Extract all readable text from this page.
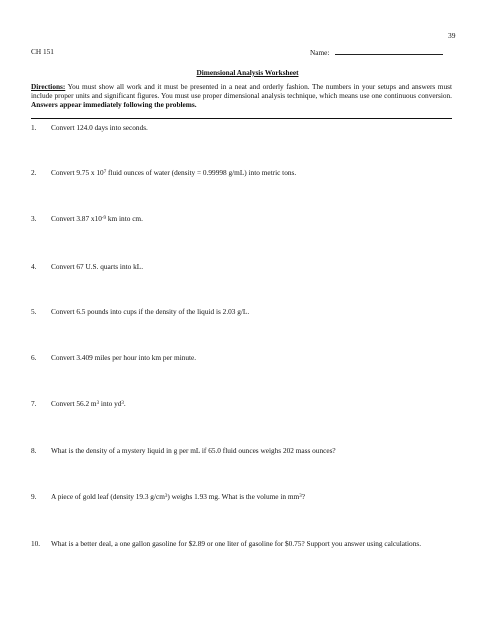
39
CH 151	Name:
Dimensional Analysis Worksheet
Directions: You must show all work and it must be presented in a neat and orderly fashion. The numbers in your setups and answers must include proper units and significant figures. You must use proper dimensional analysis technique, which means use one continuous conversion. Answers appear immediately following the problems.
1. Convert 124.0 days into seconds.
2. Convert 9.75 x $10^7$ fluid ounces of water (density = 0.99998 g/mL) into metric tons.
3. Convert 3.87 $x10^{-9}$ km into cm.
4. Convert 67 U.S. quarts into kL.
5. Convert 6.5 pounds into cups if the density of the liquid is 2.03 g/L.
6. Convert 3.409 miles per hour into km per minute.
7. Convert 56.2 $m^3$ into $yd^3$.
8. What is the density of a mystery liquid in g per mL if 65.0 fluid ounces weighs 202 mass ounces?
9. A piece of gold leaf (density 19.3 $g/cm^3$) weighs 1.93 mg. What is the volume in $mm^3$?
10. What is a better deal, a one gallon gasoline for $2.89 or one liter of gasoline for $0.75? Support you answer using calculations.
